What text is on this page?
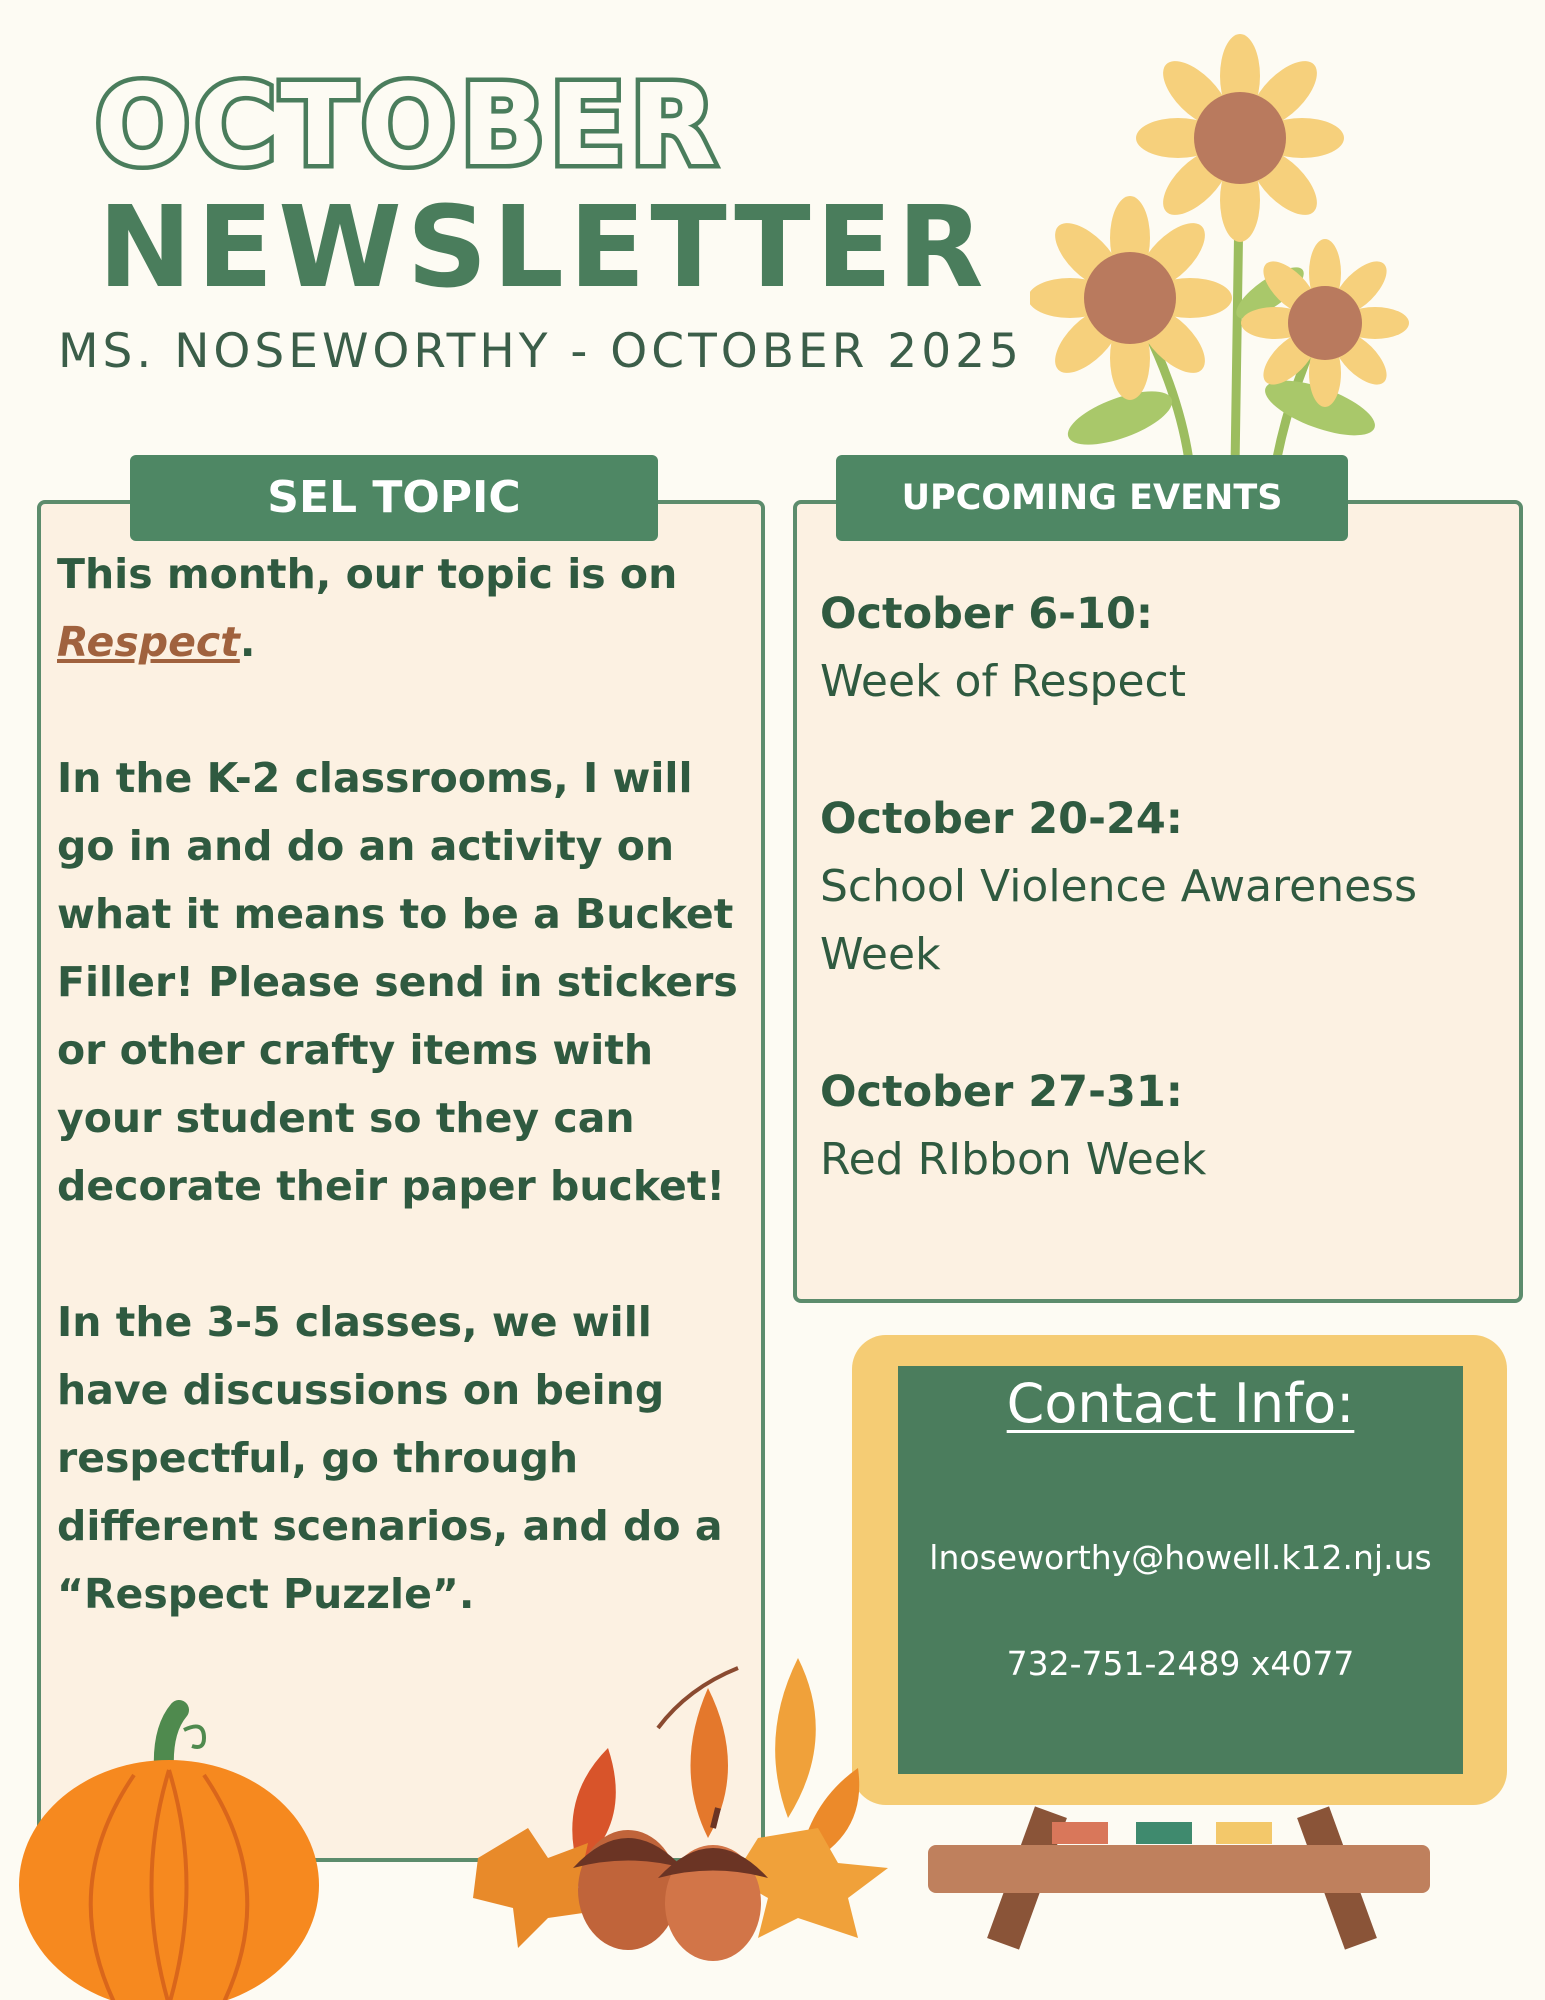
OCTOBER
NEWSLETTER
MS. NOSEWORTHY - OCTOBER 2025
SEL TOPIC

This month, our topic is on Respect.

In the K-2 classrooms, I will go in and do an activity on what it means to be a Bucket Filler! Please send in stickers or other crafty items with your student so they can decorate their paper bucket!

In the 3-5 classes, we will have discussions on being respectful, go through different scenarios, and do a “Respect Puzzle”.

UPCOMING EVENTS
October 6-10:
Week of Respect
October 20-24:
School Violence Awareness Week
October 27-31:
Red RIbbon Week
Contact Info:
lnoseworthy@howell.k12.nj.us
732-751-2489 x4077
